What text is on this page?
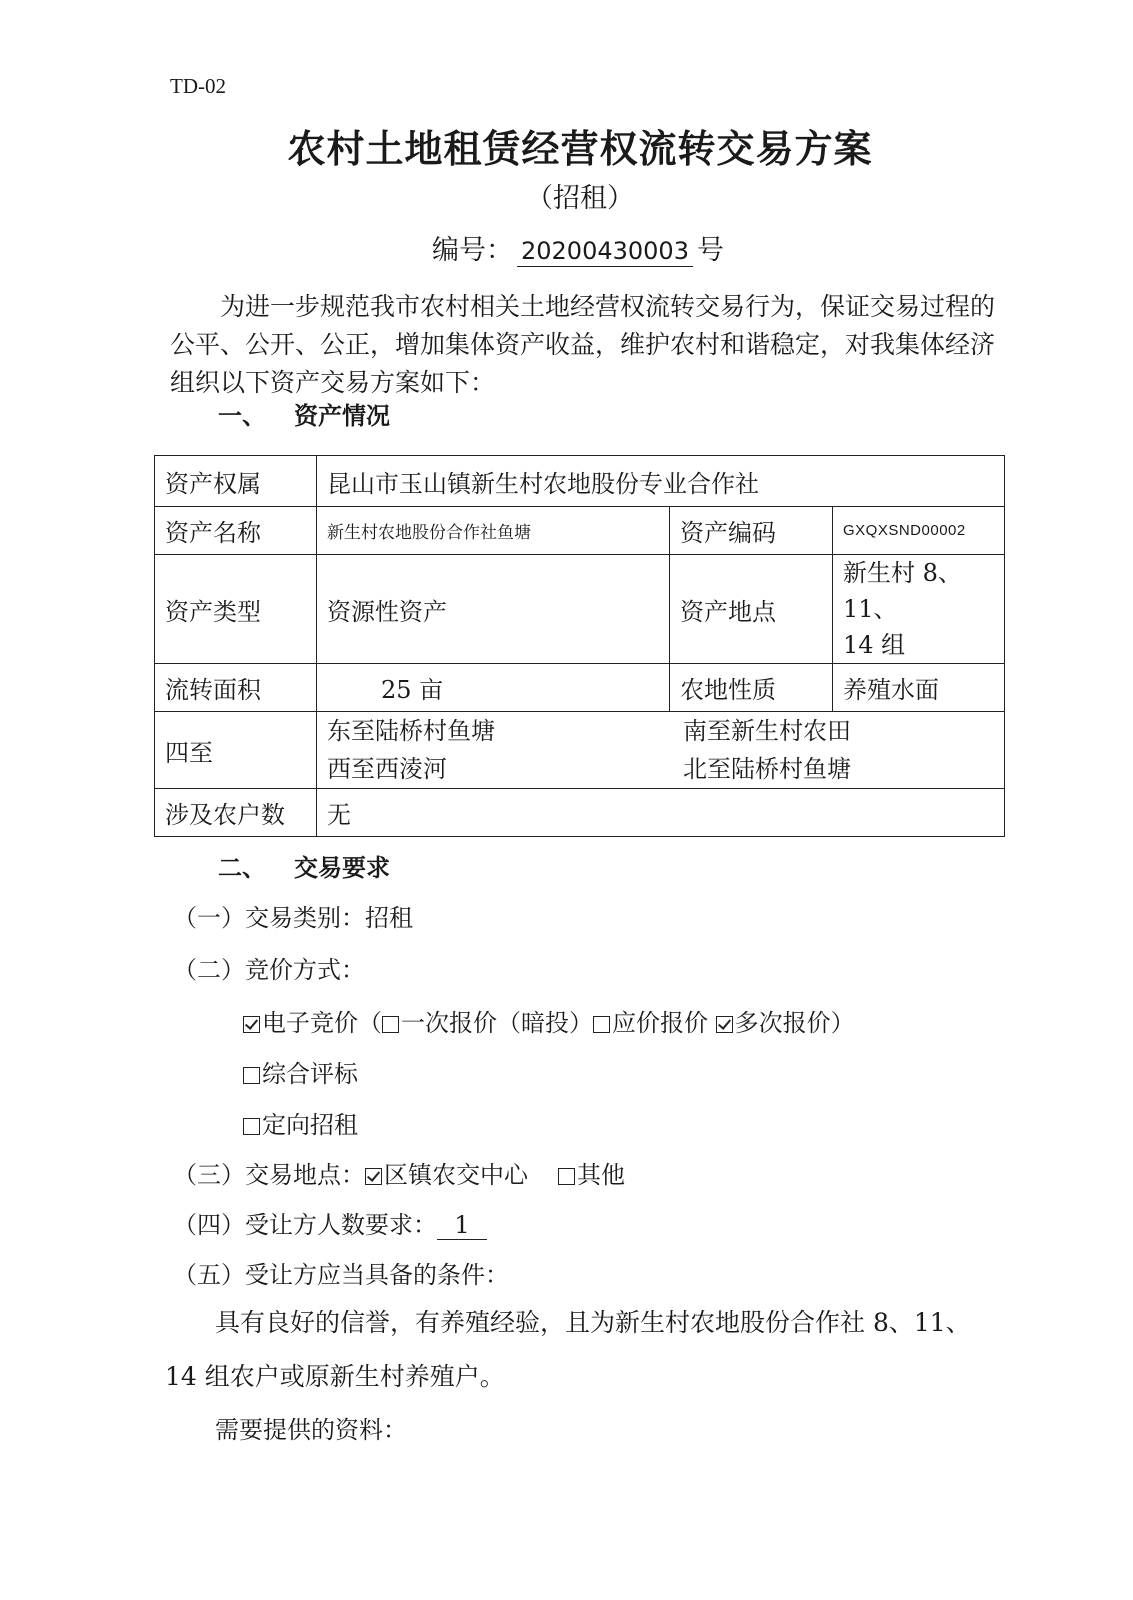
TD-02
农村土地租赁经营权流转交易方案
（招租）
编号： 20200430003 号
为进一步规范我市农村相关土地经营权流转交易行为，保证交易过程的公平、公开、公正，增加集体资产收益，维护农村和谐稳定，对我集体经济组织以下资产交易方案如下：
一、 资产情况
资产权属	昆山市玉山镇新生村农地股份专业合作社		
资产名称	新生村农地股份合作社鱼塘	资产编码	GXQXSND00002
资产类型	资源性资产	资产地点	新生村 8、11、
14 组

流转面积	25 亩	农地性质	养殖水面
四至	东至陆桥村鱼塘 南至新生村农田
西至西淩河 北至陆桥村鱼塘		

涉及农户数	无		
二、 交易要求
（一）交易类别：招租
（二）竞价方式：
电子竞价（ 一次报价（暗投） 应价报价 多次报价）
综合评标
定向招租
（三）交易地点： 区镇农交中心 其他
（四）受让方人数要求： 1
（五）受让方应当具备的条件：
具有良好的信誉，有养殖经验，且为新生村农地股份合作社 8、11、14 组农户或原新生村养殖户。
需要提供的资料：
